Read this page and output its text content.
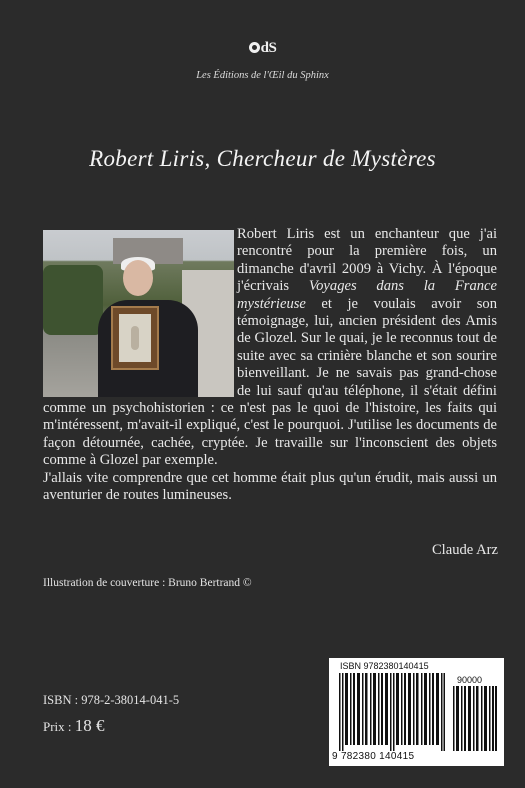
dS
Les Éditions de l'Œil du Sphinx
Robert Liris, Chercheur de Mystères

Robert Liris est un enchanteur que j'ai rencontré pour la première fois, un dimanche d'avril 2009 à Vichy. À l'époque j'écrivais Voyages dans la France mystérieuse et je voulais avoir son témoignage, lui, ancien président des Amis de Glozel. Sur le quai, je le reconnus tout de suite avec sa crinière blanche et son sourire bienveillant. Je ne savais pas grand-chose de lui sauf qu'au téléphone, il s'était défini comme un psychohistorien : ce n'est pas le quoi de l'histoire, les faits qui m'intéressent, m'avait-il expliqué, c'est le pourquoi. J'utilise les documents de façon détournée, cachée, cryptée. Je travaille sur l'inconscient des objets comme à Glozel par exemple.

J'allais vite comprendre que cet homme était plus qu'un érudit, mais aussi un aventurier de routes lumineuses.

Claude Arz
Illustration de couverture : Bruno Bertrand ©
ISBN : 978-2-38014-041-5
Prix : 18 €
ISBN 9782380140415
90000
9 782380 140415
